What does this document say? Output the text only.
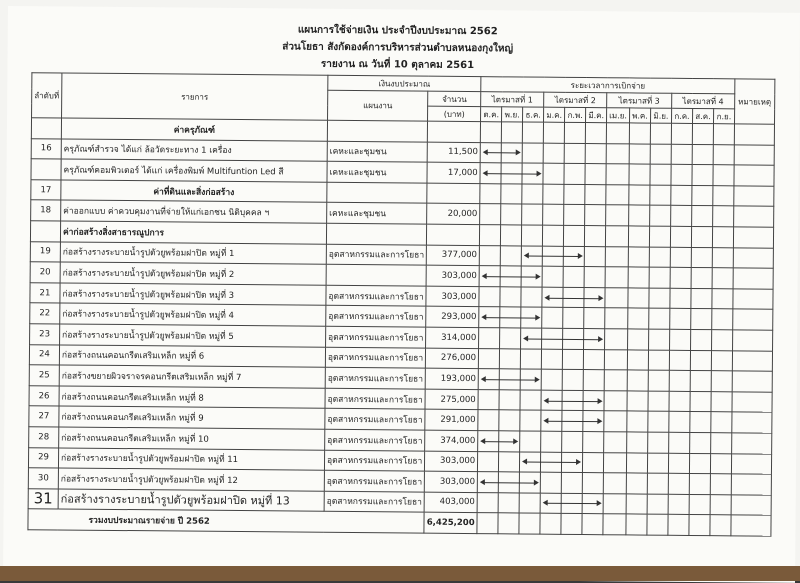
แผนการใช้จ่ายเงิน ประจำปีงบประมาณ 2562
ส่วนโยธา สังกัดองค์การบริหารส่วนตำบลหนองกุงใหญ่
รายงาน ณ วันที่ 10 ตุลาคม 2561
ลำดับที่	รายการ	เงินงบประมาณ		ระยะเวลาการเบิกจ่าย												หมายเหตุ
		แผนงาน	จำนวน	ไตรมาสที่ 1			ไตรมาสที่ 2			ไตรมาสที่ 3			ไตรมาสที่ 4			
			(บาท)	ต.ค.	พ.ย.	ธ.ค.	ม.ค.	ก.พ.	มี.ค.	เม.ย.	พ.ค.	มิ.ย.	ก.ค.	ส.ค.	ก.ย.	
	ค่าครุภัณฑ์															
16	ครุภัณฑ์สำรวจ ได้แก่ ล้อวัดระยะทาง 1 เครื่อง	เคหะและชุมชน	11,500	

	ครุภัณฑ์คอมพิวเตอร์ ได้แก่ เครื่องพิมพ์ Multifuntion Led สี	เคหะและชุมชน	17,000	

17	ค่าที่ดินและสิ่งก่อสร้าง															
18	ค่าออกแบบ ค่าควบคุมงานที่จ่ายให้แก่เอกชน นิติบุคคล ฯ	เคหะและชุมชน	20,000													
	ค่าก่อสร้างสิ่งสาธารณูปการ															
19	ก่อสร้างรางระบายน้ำรูปตัวยูพร้อมฝาปิด หมู่ที่ 1	อุตสาหกรรมและการโยธา	377,000			

20	ก่อสร้างรางระบายน้ำรูปตัวยูพร้อมฝาปิด หมู่ที่ 2		303,000	

21	ก่อสร้างรางระบายน้ำรูปตัวยูพร้อมฝาปิด หมู่ที่ 3	อุตสาหกรรมและการโยธา	303,000				

22	ก่อสร้างรางระบายน้ำรูปตัวยูพร้อมฝาปิด หมู่ที่ 4	อุตสาหกรรมและการโยธา	293,000	

23	ก่อสร้างรางระบายน้ำรูปตัวยูพร้อมฝาปิด หมู่ที่ 5	อุตสาหกรรมและการโยธา	314,000			

24	ก่อสร้างถนนคอนกรีตเสริมเหล็ก หมู่ที่ 6	อุตสาหกรรมและการโยธา	276,000													
25	ก่อสร้างขยายผิวจราจรคอนกรีตเสริมเหล็ก หมู่ที่ 7	อุตสาหกรรมและการโยธา	193,000	

26	ก่อสร้างถนนคอนกรีตเสริมเหล็ก หมู่ที่ 8	อุตสาหกรรมและการโยธา	275,000				

27	ก่อสร้างถนนคอนกรีตเสริมเหล็ก หมู่ที่ 9	อุตสาหกรรมและการโยธา	291,000				

28	ก่อสร้างถนนคอนกรีตเสริมเหล็ก หมู่ที่ 10	อุตสาหกรรมและการโยธา	374,000	

29	ก่อสร้างรางระบายน้ำรูปตัวยูพร้อมฝาปิด หมู่ที่ 11	อุตสาหกรรมและการโยธา	303,000			

30	ก่อสร้างรางระบายน้ำรูปตัวยูพร้อมฝาปิด หมู่ที่ 12	อุตสาหกรรมและการโยธา	303,000	

31	ก่อสร้างรางระบายน้ำรูปตัวยูพร้อมฝาปิด หมู่ที่ 13	อุตสาหกรรมและการโยธา	403,000				

รวมงบประมาณรายจ่าย ปี 2562			6,425,200													
